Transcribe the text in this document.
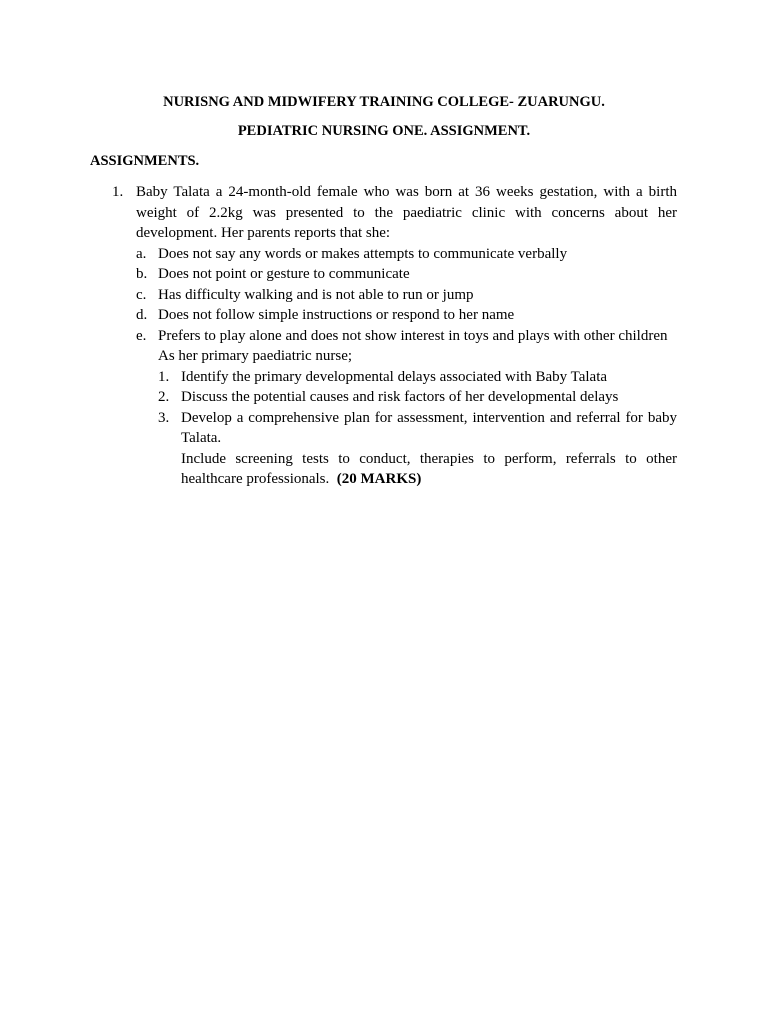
NURISNG AND MIDWIFERY TRAINING COLLEGE- ZUARUNGU.
PEDIATRIC NURSING ONE. ASSIGNMENT.
ASSIGNMENTS.
1. Baby Talata a 24-month-old female who was born at 36 weeks gestation, with a birth weight of 2.2kg was presented to the paediatric clinic with concerns about her development. Her parents reports that she:
a. Does not say any words or makes attempts to communicate verbally
b. Does not point or gesture to communicate
c. Has difficulty walking and is not able to run or jump
d. Does not follow simple instructions or respond to her name
e. Prefers to play alone and does not show interest in toys and plays with other children
As her primary paediatric nurse;
1. Identify the primary developmental delays associated with Baby Talata
2. Discuss the potential causes and risk factors of her developmental delays
3. Develop a comprehensive plan for assessment, intervention and referral for baby Talata.
Include screening tests to conduct, therapies to perform, referrals to other healthcare professionals. (20 MARKS)
